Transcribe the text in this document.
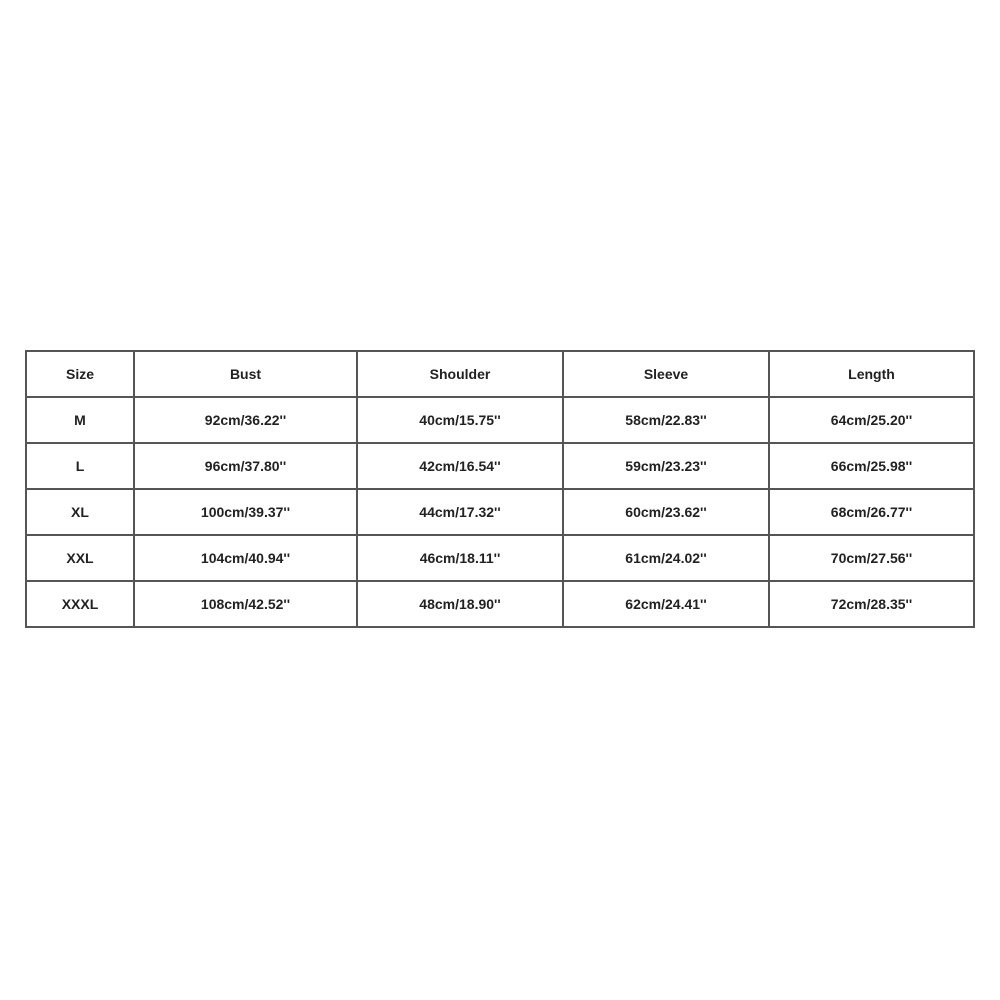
Size	Bust	Shoulder	Sleeve	Length
M	92cm/36.22''	40cm/15.75''	58cm/22.83''	64cm/25.20''
L	96cm/37.80''	42cm/16.54''	59cm/23.23''	66cm/25.98''
XL	100cm/39.37''	44cm/17.32''	60cm/23.62''	68cm/26.77''
XXL	104cm/40.94''	46cm/18.11''	61cm/24.02''	70cm/27.56''
XXXL	108cm/42.52''	48cm/18.90''	62cm/24.41''	72cm/28.35''
